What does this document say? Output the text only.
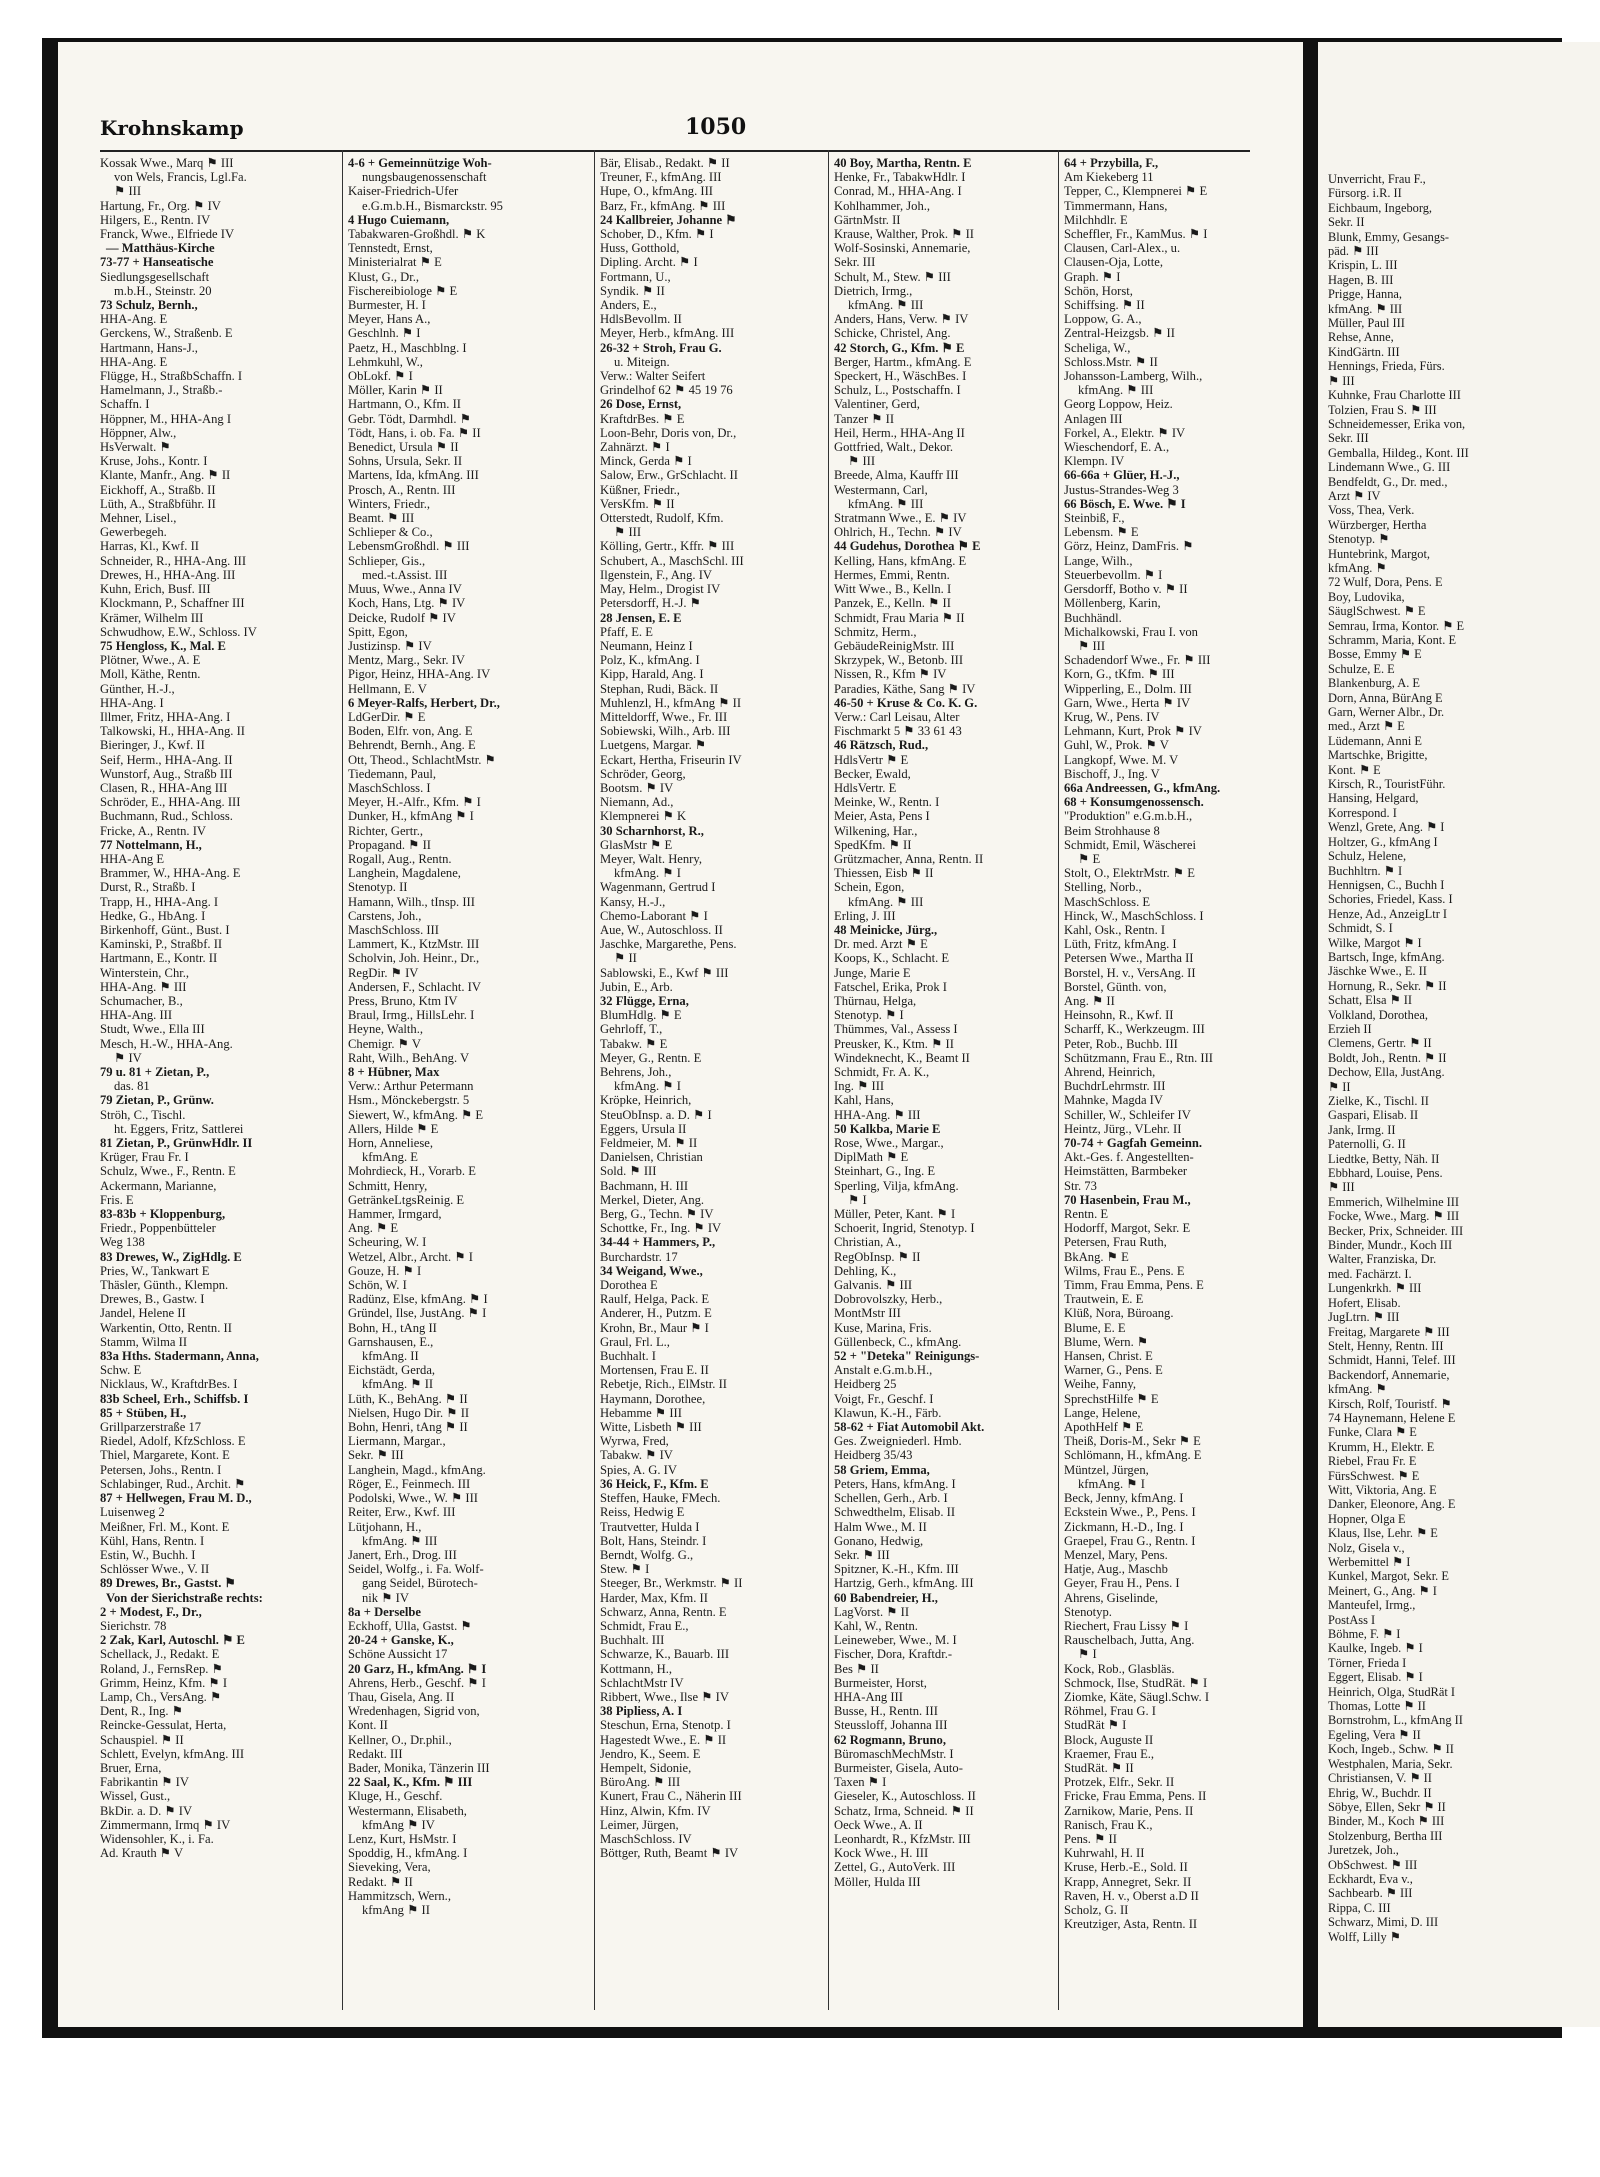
Unverricht, Frau F.,
Fürsorg. i.R. II
Eichbaum, Ingeborg,
Sekr. II
Blunk, Emmy, Gesangs-
päd. ⚑ III
Krispin, L. III
Hagen, B. III
Prigge, Hanna,
kfmAng. ⚑ III
Müller, Paul III
Rehse, Anne,
KindGärtn. III
Hennings, Frieda, Fürs.
⚑ III
Kuhnke, Frau Charlotte III
Tolzien, Frau S. ⚑ III
Schneidemesser, Erika von,
Sekr. III
Gemballa, Hildeg., Kont. III
Lindemann Wwe., G. III
Bendfeldt, G., Dr. med.,
Arzt ⚑ IV
Voss, Thea, Verk.
Würzberger, Hertha
Stenotyp. ⚑
Huntebrink, Margot,
kfmAng. ⚑
72 Wulf, Dora, Pens. E
Boy, Ludovika,
SäuglSchwest. ⚑ E
Semrau, Irma, Kontor. ⚑ E
Schramm, Maria, Kont. E
Bosse, Emmy ⚑ E
Schulze, E. E
Blankenburg, A. E
Dorn, Anna, BürAng E
Garn, Werner Albr., Dr.
med., Arzt ⚑ E
Lüdemann, Anni E
Martschke, Brigitte,
Kont. ⚑ E
Kirsch, R., TouristFühr.
Hansing, Helgard,
Korrespond. I
Wenzl, Grete, Ang. ⚑ I
Holtzer, G., kfmAng I
Schulz, Helene,
Buchhltrn. ⚑ I
Hennigsen, C., Buchh I
Schories, Friedel, Kass. I
Henze, Ad., AnzeigLtr I
Schmidt, S. I
Wilke, Margot ⚑ I
Bartsch, Inge, kfmAng.
Jäschke Wwe., E. II
Hornung, R., Sekr. ⚑ II
Schatt, Elsa ⚑ II
Volkland, Dorothea,
Erzieh II
Clemens, Gertr. ⚑ II
Boldt, Joh., Rentn. ⚑ II
Dechow, Ella, JustAng.
⚑ II
Zielke, K., Tischl. II
Gaspari, Elisab. II
Jank, Irmg. II
Paternolli, G. II
Liedtke, Betty, Näh. II
Ebbhard, Louise, Pens.
⚑ III
Emmerich, Wilhelmine III
Focke, Wwe., Marg. ⚑ III
Becker, Prix, Schneider. III
Binder, Mundr., Koch III
Walter, Franziska, Dr.
med. Fachärzt. I.
Lungenkrkh. ⚑ III
Hofert, Elisab.
JugLtrn. ⚑ III
Freitag, Margarete ⚑ III
Stelt, Henny, Rentn. III
Schmidt, Hanni, Telef. III
Backendorf, Annemarie,
kfmAng. ⚑
Kirsch, Rolf, Touristf. ⚑
74 Haynemann, Helene E
Funke, Clara ⚑ E
Krumm, H., Elektr. E
Riebel, Frau Fr. E
FürsSchwest. ⚑ E
Witt, Viktoria, Ang. E
Danker, Eleonore, Ang. E
Hopner, Olga E
Klaus, Ilse, Lehr. ⚑ E
Nolz, Gisela v.,
Werbemittel ⚑ I
Kunkel, Margot, Sekr. E
Meinert, G., Ang. ⚑ I
Manteufel, Irmg.,
PostAss I
Böhme, F. ⚑ I
Kaulke, Ingeb. ⚑ I
Törner, Frieda I
Eggert, Elisab. ⚑ I
Heinrich, Olga, StudRät I
Thomas, Lotte ⚑ II
Bornstrohm, L., kfmAng II
Egeling, Vera ⚑ II
Koch, Ingeb., Schw. ⚑ II
Westphalen, Maria, Sekr.
Christiansen, V. ⚑ II
Ehrig, W., Buchdr. II
Söbye, Ellen, Sekr ⚑ II
Binder, M., Koch ⚑ III
Stolzenburg, Bertha III
Juretzek, Joh.,
ObSchwest. ⚑ III
Eckhardt, Eva v.,
Sachbearb. ⚑ III
Rippa, C. III
Schwarz, Mimi, D. III
Wolff, Lilly ⚑
Krohnskamp	1050
Kossak Wwe., Marq ⚑ III
von Wels, Francis, Lgl.Fa.
⚑ III
Hartung, Fr., Org. ⚑ IV
Hilgers, E., Rentn. IV
Franck, Wwe., Elfriede IV
— Matthäus-Kirche
73-77 + Hanseatische
Siedlungsgesellschaft
m.b.H., Steinstr. 20
73 Schulz, Bernh.,
HHA-Ang. E
Gerckens, W., Straßenb. E
Hartmann, Hans-J.,
HHA-Ang. E
Flügge, H., StraßbSchaffn. I
Hamelmann, J., Straßb.-
Schaffn. I
Höppner, M., HHA-Ang I
Höppner, Alw.,
HsVerwalt. ⚑
Kruse, Johs., Kontr. I
Klante, Manfr., Ang. ⚑ II
Eickhoff, A., Straßb. II
Lüth, A., Straßbführ. II
Mehner, Lisel.,
Gewerbegeh.
Harras, Kl., Kwf. II
Schneider, R., HHA-Ang. III
Drewes, H., HHA-Ang. III
Kuhn, Erich, Busf. III
Klockmann, P., Schaffner III
Krämer, Wilhelm III
Schwudhow, E.W., Schloss. IV
75 Hengloss, K., Mal. E
Plötner, Wwe., A. E
Moll, Käthe, Rentn.
Günther, H.-J.,
HHA-Ang. I
Illmer, Fritz, HHA-Ang. I
Talkowski, H., HHA-Ang. II
Bieringer, J., Kwf. II
Seif, Herm., HHA-Ang. II
Wunstorf, Aug., Straßb III
Clasen, R., HHA-Ang III
Schröder, E., HHA-Ang. III
Buchmann, Rud., Schloss.
Fricke, A., Rentn. IV
77 Nottelmann, H.,
HHA-Ang E
Brammer, W., HHA-Ang. E
Durst, R., Straßb. I
Trapp, H., HHA-Ang. I
Hedke, G., HbAng. I
Birkenhoff, Günt., Bust. I
Kaminski, P., Straßbf. II
Hartmann, E., Kontr. II
Winterstein, Chr.,
HHA-Ang. ⚑ III
Schumacher, B.,
HHA-Ang. III
Studt, Wwe., Ella III
Mesch, H.-W., HHA-Ang.
⚑ IV
79 u. 81 + Zietan, P.,
das. 81
79 Zietan, P., Grünw.
Ströh, C., Tischl.
ht. Eggers, Fritz, Sattlerei
81 Zietan, P., GrünwHdlr. II
Krüger, Frau Fr. I
Schulz, Wwe., F., Rentn. E
Ackermann, Marianne,
Fris. E
83-83b + Kloppenburg,
Friedr., Poppenbütteler
Weg 138
83 Drewes, W., ZigHdlg. E
Pries, W., Tankwart E
Thäsler, Günth., Klempn.
Drewes, B., Gastw. I
Jandel, Helene II
Warkentin, Otto, Rentn. II
Stamm, Wilma II
83a Hths. Stadermann, Anna,
Schw. E
Nicklaus, W., KraftdrBes. I
83b Scheel, Erh., Schiffsb. I
85 + Stüben, H.,
Grillparzerstraße 17
Riedel, Adolf, KfzSchloss. E
Thiel, Margarete, Kont. E
Petersen, Johs., Rentn. I
Schlabinger, Rud., Archit. ⚑
87 + Hellwegen, Frau M. D.,
Luisenweg 2
Meißner, Frl. M., Kont. E
Kühl, Hans, Rentn. I
Estin, W., Buchh. I
Schlösser Wwe., V. II
89 Drewes, Br., Gastst. ⚑
Von der Sierichstraße rechts:
2 + Modest, F., Dr.,
Sierichstr. 78
2 Zak, Karl, Autoschl. ⚑ E
Schellack, J., Redakt. E
Roland, J., FernsRep. ⚑
Grimm, Heinz, Kfm. ⚑ I
Lamp, Ch., VersAng. ⚑
Dent, R., Ing. ⚑
Reincke-Gessulat, Herta,
Schauspiel. ⚑ II
Schlett, Evelyn, kfmAng. III
Bruer, Erna,
Fabrikantin ⚑ IV
Wissel, Gust.,
BkDir. a. D. ⚑ IV
Zimmermann, Irmq ⚑ IV
Widensohler, K., i. Fa.
Ad. Krauth ⚑ V
4-6 + Gemeinnützige Woh-
nungsbaugenossenschaft
Kaiser-Friedrich-Ufer
e.G.m.b.H., Bismarckstr. 95
4 Hugo Cuiemann,
Tabakwaren-Großhdl. ⚑ K
Tennstedt, Ernst,
Ministerialrat ⚑ E
Klust, G., Dr.,
Fischereibiologe ⚑ E
Burmester, H. I
Meyer, Hans A.,
Geschlnh. ⚑ I
Paetz, H., Maschblng. I
Lehmkuhl, W.,
ObLokf. ⚑ I
Möller, Karin ⚑ II
Hartmann, O., Kfm. II
Gebr. Tödt, Darmhdl. ⚑
Tödt, Hans, i. ob. Fa. ⚑ II
Benedict, Ursula ⚑ II
Sohns, Ursula, Sekr. II
Martens, Ida, kfmAng. III
Prosch, A., Rentn. III
Winters, Friedr.,
Beamt. ⚑ III
Schlieper & Co.,
LebensmGroßhdl. ⚑ III
Schlieper, Gis.,
med.-t.Assist. III
Muus, Wwe., Anna IV
Koch, Hans, Ltg. ⚑ IV
Deicke, Rudolf ⚑ IV
Spitt, Egon,
Justizinsp. ⚑ IV
Mentz, Marg., Sekr. IV
Pigor, Heinz, HHA-Ang. IV
Hellmann, E. V
6 Meyer-Ralfs, Herbert, Dr.,
LdGerDir. ⚑ E
Boden, Elfr. von, Ang. E
Behrendt, Bernh., Ang. E
Ott, Theod., SchlachtMstr. ⚑
Tiedemann, Paul,
MaschSchloss. I
Meyer, H.-Alfr., Kfm. ⚑ I
Dunker, H., kfmAng ⚑ I
Richter, Gertr.,
Propagand. ⚑ II
Rogall, Aug., Rentn.
Langhein, Magdalene,
Stenotyp. II
Hamann, Wilh., tInsp. III
Carstens, Joh.,
MaschSchloss. III
Lammert, K., KtzMstr. III
Scholvin, Joh. Heinr., Dr.,
RegDir. ⚑ IV
Andersen, F., Schlacht. IV
Press, Bruno, Ktm IV
Braul, Irmg., HillsLehr. I
Heyne, Walth.,
Chemigr. ⚑ V
Raht, Wilh., BehAng. V
8 + Hübner, Max
Verw.: Arthur Petermann
Hsm., Mönckebergstr. 5
Siewert, W., kfmAng. ⚑ E
Allers, Hilde ⚑ E
Horn, Anneliese,
kfmAng. E
Mohrdieck, H., Vorarb. E
Schmitt, Henry,
GetränkeLtgsReinig. E
Hammer, Irmgard,
Ang. ⚑ E
Scheuring, W. I
Wetzel, Albr., Archt. ⚑ I
Gouze, H. ⚑ I
Schön, W. I
Radünz, Else, kfmAng. ⚑ I
Gründel, Ilse, JustAng. ⚑ I
Bohn, H., tAng II
Garnshausen, E.,
kfmAng. II
Eichstädt, Gerda,
kfmAng. ⚑ II
Lüth, K., BehAng. ⚑ II
Nielsen, Hugo Dir. ⚑ II
Bohn, Henri, tAng ⚑ II
Liermann, Margar.,
Sekr. ⚑ III
Langhein, Magd., kfmAng.
Röger, E., Feinmech. III
Podolski, Wwe., W. ⚑ III
Reiter, Erw., Kwf. III
Lütjohann, H.,
kfmAng. ⚑ III
Janert, Erh., Drog. III
Seidel, Wolfg., i. Fa. Wolf-
gang Seidel, Bürotech-
nik ⚑ IV
8a + Derselbe
Eckhoff, Ulla, Gastst. ⚑
20-24 + Ganske, K.,
Schöne Aussicht 17
20 Garz, H., kfmAng. ⚑ I
Ahrens, Herb., Geschf. ⚑ I
Thau, Gisela, Ang. II
Wredenhagen, Sigrid von,
Kont. II
Kellner, O., Dr.phil.,
Redakt. III
Bader, Monika, Tänzerin III
22 Saal, K., Kfm. ⚑ III
Kluge, H., Geschf.
Westermann, Elisabeth,
kfmAng ⚑ IV
Lenz, Kurt, HsMstr. I
Spoddig, H., kfmAng. I
Sieveking, Vera,
Redakt. ⚑ II
Hammitzsch, Wern.,
kfmAng ⚑ II
Bär, Elisab., Redakt. ⚑ II
Treuner, F., kfmAng. III
Hupe, O., kfmAng. III
Barz, Fr., kfmAng. ⚑ III
24 Kallbreier, Johanne ⚑
Schober, D., Kfm. ⚑ I
Huss, Gotthold,
Dipling. Archt. ⚑ I
Fortmann, U.,
Syndik. ⚑ II
Anders, E.,
HdlsBevollm. II
Meyer, Herb., kfmAng. III
26-32 + Stroh, Frau G.
u. Miteign.
Verw.: Walter Seifert
Grindelhof 62 ⚑ 45 19 76
26 Dose, Ernst,
KraftdrBes. ⚑ E
Loon-Behr, Doris von, Dr.,
Zahnärzt. ⚑ I
Minck, Gerda ⚑ I
Salow, Erw., GrSchlacht. II
Küßner, Friedr.,
VersKfm. ⚑ II
Otterstedt, Rudolf, Kfm.
⚑ III
Kölling, Gertr., Kffr. ⚑ III
Schubert, A., MaschSchl. III
Ilgenstein, F., Ang. IV
May, Helm., Drogist IV
Petersdorff, H.-J. ⚑
28 Jensen, E. E
Pfaff, E. E
Neumann, Heinz I
Polz, K., kfmAng. I
Kipp, Harald, Ang. I
Stephan, Rudi, Bäck. II
Muhlenzl, H., kfmAng ⚑ II
Mitteldorff, Wwe., Fr. III
Sobiewski, Wilh., Arb. III
Luetgens, Margar. ⚑
Eckart, Hertha, Friseurin IV
Schröder, Georg,
Bootsm. ⚑ IV
Niemann, Ad.,
Klempnerei ⚑ K
30 Scharnhorst, R.,
GlasMstr ⚑ E
Meyer, Walt. Henry,
kfmAng. ⚑ I
Wagenmann, Gertrud I
Kansy, H.-J.,
Chemo-Laborant ⚑ I
Aue, W., Autoschloss. II
Jaschke, Margarethe, Pens.
⚑ II
Sablowski, E., Kwf ⚑ III
Jubin, E., Arb.
32 Flügge, Erna,
BlumHdlg. ⚑ E
Gehrloff, T.,
Tabakw. ⚑ E
Meyer, G., Rentn. E
Behrens, Joh.,
kfmAng. ⚑ I
Kröpke, Heinrich,
SteuObInsp. a. D. ⚑ I
Eggers, Ursula II
Feldmeier, M. ⚑ II
Danielsen, Christian
Sold. ⚑ III
Bachmann, H. III
Merkel, Dieter, Ang.
Berg, G., Techn. ⚑ IV
Schottke, Fr., Ing. ⚑ IV
34-44 + Hammers, P.,
Burchardstr. 17
34 Weigand, Wwe.,
Dorothea E
Raulf, Helga, Pack. E
Anderer, H., Putzm. E
Krohn, Br., Maur ⚑ I
Graul, Frl. L.,
Buchhalt. I
Mortensen, Frau E. II
Rebetje, Rich., ElMstr. II
Haymann, Dorothee,
Hebamme ⚑ III
Witte, Lisbeth ⚑ III
Wyrwa, Fred,
Tabakw. ⚑ IV
Spies, A. G. IV
36 Heick, F., Kfm. E
Steffen, Hauke, FMech.
Reiss, Hedwig E
Trautvetter, Hulda I
Bolt, Hans, Steindr. I
Berndt, Wolfg. G.,
Stew. ⚑ I
Steeger, Br., Werkmstr. ⚑ II
Harder, Max, Kfm. II
Schwarz, Anna, Rentn. E
Schmidt, Frau E.,
Buchhalt. III
Schwarze, K., Bauarb. III
Kottmann, H.,
SchlachtMstr IV
Ribbert, Wwe., Ilse ⚑ IV
38 Pipliess, A. I
Steschun, Erna, Stenotp. I
Hagestedt Wwe., E. ⚑ II
Jendro, K., Seem. E
Hempelt, Sidonie,
BüroAng. ⚑ III
Kunert, Frau C., Näherin III
Hinz, Alwin, Kfm. IV
Leimer, Jürgen,
MaschSchloss. IV
Böttger, Ruth, Beamt ⚑ IV
40 Boy, Martha, Rentn. E
Henke, Fr., TabakwHdlr. I
Conrad, M., HHA-Ang. I
Kohlhammer, Joh.,
GärtnMstr. II
Krause, Walther, Prok. ⚑ II
Wolf-Sosinski, Annemarie,
Sekr. III
Schult, M., Stew. ⚑ III
Dietrich, Irmg.,
kfmAng. ⚑ III
Anders, Hans, Verw. ⚑ IV
Schicke, Christel, Ang.
42 Storch, G., Kfm. ⚑ E
Berger, Hartm., kfmAng. E
Speckert, H., WäschBes. I
Schulz, L., Postschaffn. I
Valentiner, Gerd,
Tanzer ⚑ II
Heil, Herm., HHA-Ang II
Gottfried, Walt., Dekor.
⚑ III
Breede, Alma, Kauffr III
Westermann, Carl,
kfmAng. ⚑ III
Stratmann Wwe., E. ⚑ IV
Ohlrich, H., Techn. ⚑ IV
44 Gudehus, Dorothea ⚑ E
Kelling, Hans, kfmAng. E
Hermes, Emmi, Rentn.
Witt Wwe., B., Kelln. I
Panzek, E., Kelln. ⚑ II
Schmidt, Frau Maria ⚑ II
Schmitz, Herm.,
GebäudeReinigMstr. III
Skrzypek, W., Betonb. III
Nissen, R., Kfm ⚑ IV
Paradies, Käthe, Sang ⚑ IV
46-50 + Kruse & Co. K. G.
Verw.: Carl Leisau, Alter
Fischmarkt 5 ⚑ 33 61 43
46 Rätzsch, Rud.,
HdlsVertr ⚑ E
Becker, Ewald,
HdlsVertr. E
Meinke, W., Rentn. I
Meier, Asta, Pens I
Wilkening, Har.,
SpedKfm. ⚑ II
Grützmacher, Anna, Rentn. II
Thiessen, Eisb ⚑ II
Schein, Egon,
kfmAng. ⚑ III
Erling, J. III
48 Meinicke, Jürg.,
Dr. med. Arzt ⚑ E
Koops, K., Schlacht. E
Junge, Marie E
Fatschel, Erika, Prok I
Thürnau, Helga,
Stenotyp. ⚑ I
Thümmes, Val., Assess I
Preusker, K., Ktm. ⚑ II
Windeknecht, K., Beamt II
Schmidt, Fr. A. K.,
Ing. ⚑ III
Kahl, Hans,
HHA-Ang. ⚑ III
50 Kalkba, Marie E
Rose, Wwe., Margar.,
DiplMath ⚑ E
Steinhart, G., Ing. E
Sperling, Vilja, kfmAng.
⚑ I
Müller, Peter, Kant. ⚑ I
Schoerit, Ingrid, Stenotyp. I
Christian, A.,
RegObInsp. ⚑ II
Dehling, K.,
Galvanis. ⚑ III
Dobrovolszky, Herb.,
MontMstr III
Kuse, Marina, Fris.
Güllenbeck, C., kfmAng.
52 + "Deteka" Reinigungs-
Anstalt e.G.m.b.H.,
Heidberg 25
Voigt, Fr., Geschf. I
Klawun, K.-H., Färb.
58-62 + Fiat Automobil Akt.
Ges. Zweigniederl. Hmb.
Heidberg 35/43
58 Griem, Emma,
Peters, Hans, kfmAng. I
Schellen, Gerh., Arb. I
Schwedthelm, Elisab. II
Halm Wwe., M. II
Gonano, Hedwig,
Sekr. ⚑ III
Spitzner, K.-H., Kfm. III
Hartzig, Gerh., kfmAng. III
60 Babendreier, H.,
LagVorst. ⚑ II
Kahl, W., Rentn.
Leineweber, Wwe., M. I
Fischer, Dora, Kraftdr.-
Bes ⚑ II
Burmeister, Horst,
HHA-Ang III
Busse, H., Rentn. III
Steussloff, Johanna III
62 Rogmann, Bruno,
BüromaschMechMstr. I
Burmeister, Gisela, Auto-
Taxen ⚑ I
Gieseler, K., Autoschloss. II
Schatz, Irma, Schneid. ⚑ II
Oeck Wwe., A. II
Leonhardt, R., KfzMstr. III
Kock Wwe., H. III
Zettel, G., AutoVerk. III
Möller, Hulda III
64 + Przybilla, F.,
Am Kiekeberg 11
Tepper, C., Klempnerei ⚑ E
Timmermann, Hans,
Milchhdlr. E
Scheffler, Fr., KamMus. ⚑ I
Clausen, Carl-Alex., u.
Clausen-Oja, Lotte,
Graph. ⚑ I
Schön, Horst,
Schiffsing. ⚑ II
Loppow, G. A.,
Zentral-Heizgsb. ⚑ II
Scheliga, W.,
Schloss.Mstr. ⚑ II
Johansson-Lamberg, Wilh.,
kfmAng. ⚑ III
Georg Loppow, Heiz.
Anlagen III
Forkel, A., Elektr. ⚑ IV
Wieschendorf, E. A.,
Klempn. IV
66-66a + Glüer, H.-J.,
Justus-Strandes-Weg 3
66 Bösch, E. Wwe. ⚑ I
Steinbiß, F.,
Lebensm. ⚑ E
Görz, Heinz, DamFris. ⚑
Lange, Wilh.,
Steuerbevollm. ⚑ I
Gersdorff, Botho v. ⚑ II
Möllenberg, Karin,
Buchhändl.
Michalkowski, Frau I. von
⚑ III
Schadendorf Wwe., Fr. ⚑ III
Korn, G., tKfm. ⚑ III
Wipperling, E., Dolm. III
Garn, Wwe., Herta ⚑ IV
Krug, W., Pens. IV
Lehmann, Kurt, Prok ⚑ IV
Guhl, W., Prok. ⚑ V
Langkopf, Wwe. M. V
Bischoff, J., Ing. V
66a Andreessen, G., kfmAng.
68 + Konsumgenossensch.
"Produktion" e.G.m.b.H.,
Beim Strohhause 8
Schmidt, Emil, Wäscherei
⚑ E
Stolt, O., ElektrMstr. ⚑ E
Stelling, Norb.,
MaschSchloss. E
Hinck, W., MaschSchloss. I
Kahl, Osk., Rentn. I
Lüth, Fritz, kfmAng. I
Petersen Wwe., Martha II
Borstel, H. v., VersAng. II
Borstel, Günth. von,
Ang. ⚑ II
Heinsohn, R., Kwf. II
Scharff, K., Werkzeugm. III
Peter, Rob., Buchb. III
Schützmann, Frau E., Rtn. III
Ahrend, Heinrich,
BuchdrLehrmstr. III
Mahnke, Magda IV
Schiller, W., Schleifer IV
Heintz, Jürg., VLehr. II
70-74 + Gagfah Gemeinn.
Akt.-Ges. f. Angestellten-
Heimstätten, Barmbeker
Str. 73
70 Hasenbein, Frau M.,
Rentn. E
Hodorff, Margot, Sekr. E
Petersen, Frau Ruth,
BkAng. ⚑ E
Wilms, Frau E., Pens. E
Timm, Frau Emma, Pens. E
Trautwein, E. E
Klüß, Nora, Büroang.
Blume, E. E
Blume, Wern. ⚑
Hansen, Christ. E
Warner, G., Pens. E
Weihe, Fanny,
SprechstHilfe ⚑ E
Lange, Helene,
ApothHelf ⚑ E
Theiß, Doris-M., Sekr ⚑ E
Schlömann, H., kfmAng. E
Müntzel, Jürgen,
kfmAng. ⚑ I
Beck, Jenny, kfmAng. I
Eckstein Wwe., P., Pens. I
Zickmann, H.-D., Ing. I
Graepel, Frau G., Rentn. I
Menzel, Mary, Pens.
Hatje, Aug., Maschb
Geyer, Frau H., Pens. I
Ahrens, Giselinde,
Stenotyp.
Riechert, Frau Lissy ⚑ I
Rauschelbach, Jutta, Ang.
⚑ I
Kock, Rob., Glasbläs.
Schmock, Ilse, StudRät. ⚑ I
Ziomke, Käte, Säugl.Schw. I
Röhmel, Frau G. I
StudRät ⚑ I
Block, Auguste II
Kraemer, Frau E.,
StudRät. ⚑ II
Protzek, Elfr., Sekr. II
Fricke, Frau Emma, Pens. II
Zarnikow, Marie, Pens. II
Ranisch, Frau K.,
Pens. ⚑ II
Kuhrwahl, H. II
Kruse, Herb.-E., Sold. II
Krapp, Annegret, Sekr. II
Raven, H. v., Oberst a.D II
Scholz, G. II
Kreutziger, Asta, Rentn. II
